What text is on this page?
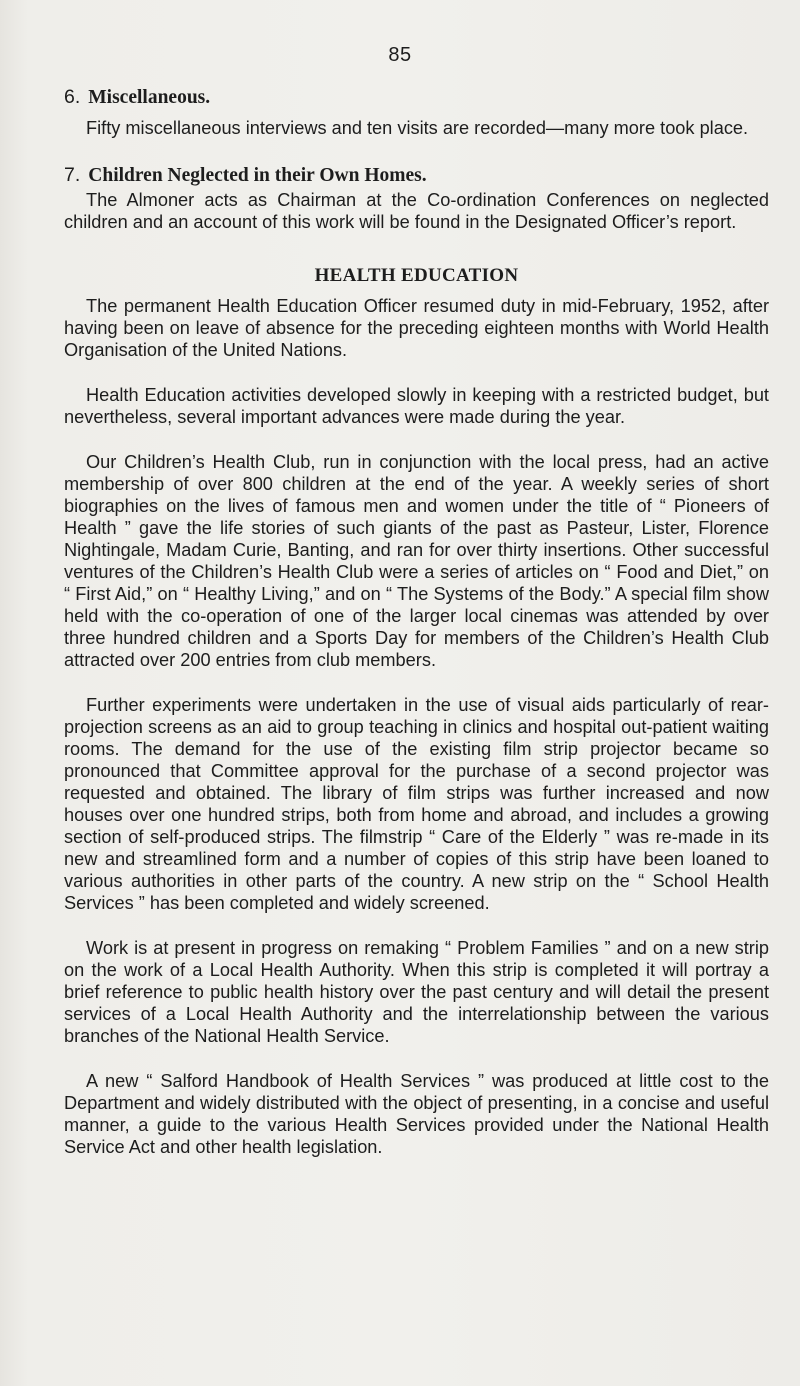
85
6. Miscellaneous.

Fifty miscellaneous interviews and ten visits are recorded—many more took place.

7. Children Neglected in their Own Homes.

The Almoner acts as Chairman at the Co-ordination Conferences on neglected children and an account of this work will be found in the Designated Officer’s report.

HEALTH EDUCATION

The permanent Health Education Officer resumed duty in mid-February, 1952, after having been on leave of absence for the preceding eighteen months with World Health Organisation of the United Nations.

Health Education activities developed slowly in keeping with a restricted budget, but nevertheless, several important advances were made during the year.

Our Children’s Health Club, run in conjunction with the local press, had an active membership of over 800 children at the end of the year. A weekly series of short biographies on the lives of famous men and women under the title of “ Pioneers of Health ” gave the life stories of such giants of the past as Pasteur, Lister, Florence Nightingale, Madam Curie, Banting, and ran for over thirty insertions. Other successful ventures of the Children’s Health Club were a series of articles on “ Food and Diet,” on “ First Aid,” on “ Healthy Living,” and on “ The Systems of the Body.” A special film show held with the co-operation of one of the larger local cinemas was attended by over three hundred children and a Sports Day for members of the Children’s Health Club attracted over 200 entries from club members.

Further experiments were undertaken in the use of visual aids particularly of rear-projection screens as an aid to group teaching in clinics and hospital out-patient waiting rooms. The demand for the use of the existing film strip projector became so pronounced that Committee approval for the purchase of a second projector was requested and obtained. The library of film strips was further increased and now houses over one hundred strips, both from home and abroad, and includes a growing section of self-produced strips. The filmstrip “ Care of the Elderly ” was re-made in its new and streamlined form and a number of copies of this strip have been loaned to various authorities in other parts of the country. A new strip on the “ School Health Services ” has been completed and widely screened.

Work is at present in progress on remaking “ Problem Families ” and on a new strip on the work of a Local Health Authority. When this strip is completed it will portray a brief reference to public health history over the past century and will detail the present services of a Local Health Authority and the interrelationship between the various branches of the National Health Service.

A new “ Salford Handbook of Health Services ” was produced at little cost to the Department and widely distributed with the object of presenting, in a concise and useful manner, a guide to the various Health Services provided under the National Health Service Act and other health legislation.
